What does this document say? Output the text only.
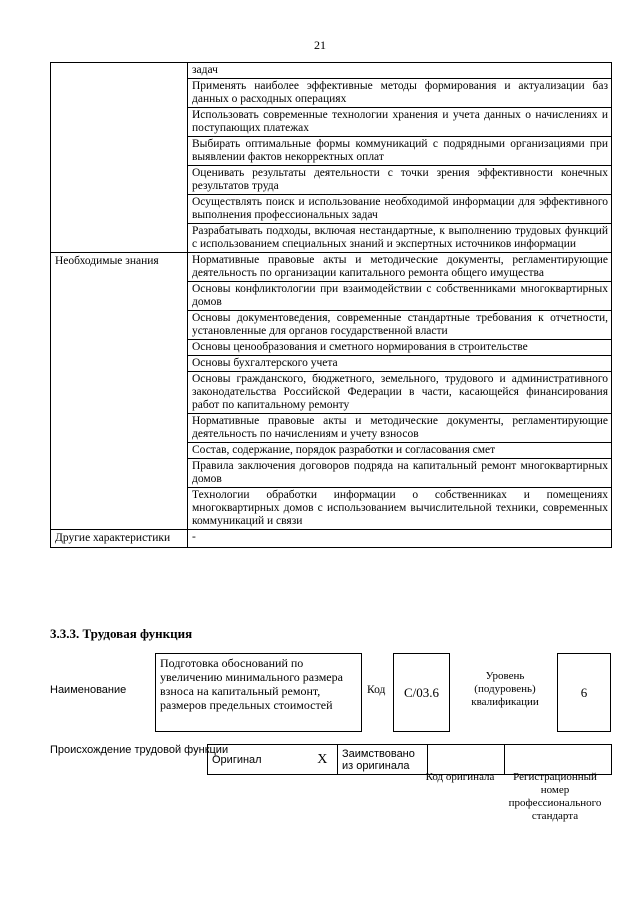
21
	задач
	Применять наиболее эффективные методы формирования и актуализации баз данных о расходных операциях
	Использовать современные технологии хранения и учета данных о начислениях и поступающих платежах
	Выбирать оптимальные формы коммуникаций с подрядными организациями при выявлении фактов некорректных оплат
	Оценивать результаты деятельности с точки зрения эффективности конечных результатов труда
	Осуществлять поиск и использование необходимой информации для эффективного выполнения профессиональных задач
	Разрабатывать подходы, включая нестандартные, к выполнению трудовых функций с использованием специальных знаний и экспертных источников информации
Необходимые знания	Нормативные правовые акты и методические документы, регламентирующие деятельность по организации капитального ремонта общего имущества
	Основы конфликтологии при взаимодействии с собственниками многоквартирных домов
	Основы документоведения, современные стандартные требования к отчетности, установленные для органов государственной власти
	Основы ценообразования и сметного нормирования в строительстве
	Основы бухгалтерского учета
	Основы гражданского, бюджетного, земельного, трудового и административного законодательства Российской Федерации в части, касающейся финансирования работ по капитальному ремонту
	Нормативные правовые акты и методические документы, регламентирующие деятельность по начислениям и учету взносов
	Состав, содержание, порядок разработки и согласования смет
	Правила заключения договоров подряда на капитальный ремонт многоквартирных домов
	Технологии обработки информации о собственниках и помещениях многоквартирных домов с использованием вычислительной техники, современных коммуникаций и связи
Другие характеристики	-
3.3.3. Трудовая функция
Наименование
Подготовка обоснований по увеличению минимального размера взноса на капитальный ремонт, размеров предельных стоимостей
Код	С/03.6
Уровень (подуровень) квалификации
6
Происхождение трудовой функции
Оригинал	X	Заимствовано из оригинала		
Код оригинала	Регистрационный номер профессионального стандарта
